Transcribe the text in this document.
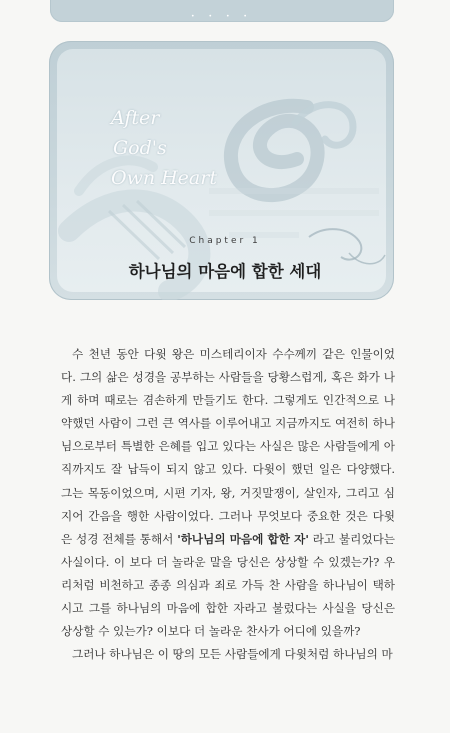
• • • •
After
God's
Own Heart
Chapter 1
하나님의 마음에 합한 세대

수 천년 동안 다윗 왕은 미스테리이자 수수께끼 같은 인물이었다. 그의 삶은 성경을 공부하는 사람들을 당황스럽게, 혹은 화가 나게 하며 때로는 겸손하게 만들기도 한다. 그렇게도 인간적으로 나약했던 사람이 그런 큰 역사를 이루어내고 지금까지도 여전히 하나님으로부터 특별한 은혜를 입고 있다는 사실은 많은 사람들에게 아직까지도 잘 납득이 되지 않고 있다. 다윗이 했던 일은 다양했다. 그는 목동이었으며, 시편 기자, 왕, 거짓말쟁이, 살인자, 그리고 심지어 간음을 행한 사람이었다. 그러나 무엇보다 중요한 것은 다윗은 성경 전체를 통해서 '하나님의 마음에 합한 자' 라고 불리었다는 사실이다. 이 보다 더 놀라운 말을 당신은 상상할 수 있겠는가? 우리처럼 비천하고 종종 의심과 죄로 가득 찬 사람을 하나님이 택하시고 그를 하나님의 마음에 합한 자라고 불렀다는 사실을 당신은 상상할 수 있는가? 이보다 더 놀라운 찬사가 어디에 있을까?

그러나 하나님은 이 땅의 모든 사람들에게 다윗처럼 하나님의 마
